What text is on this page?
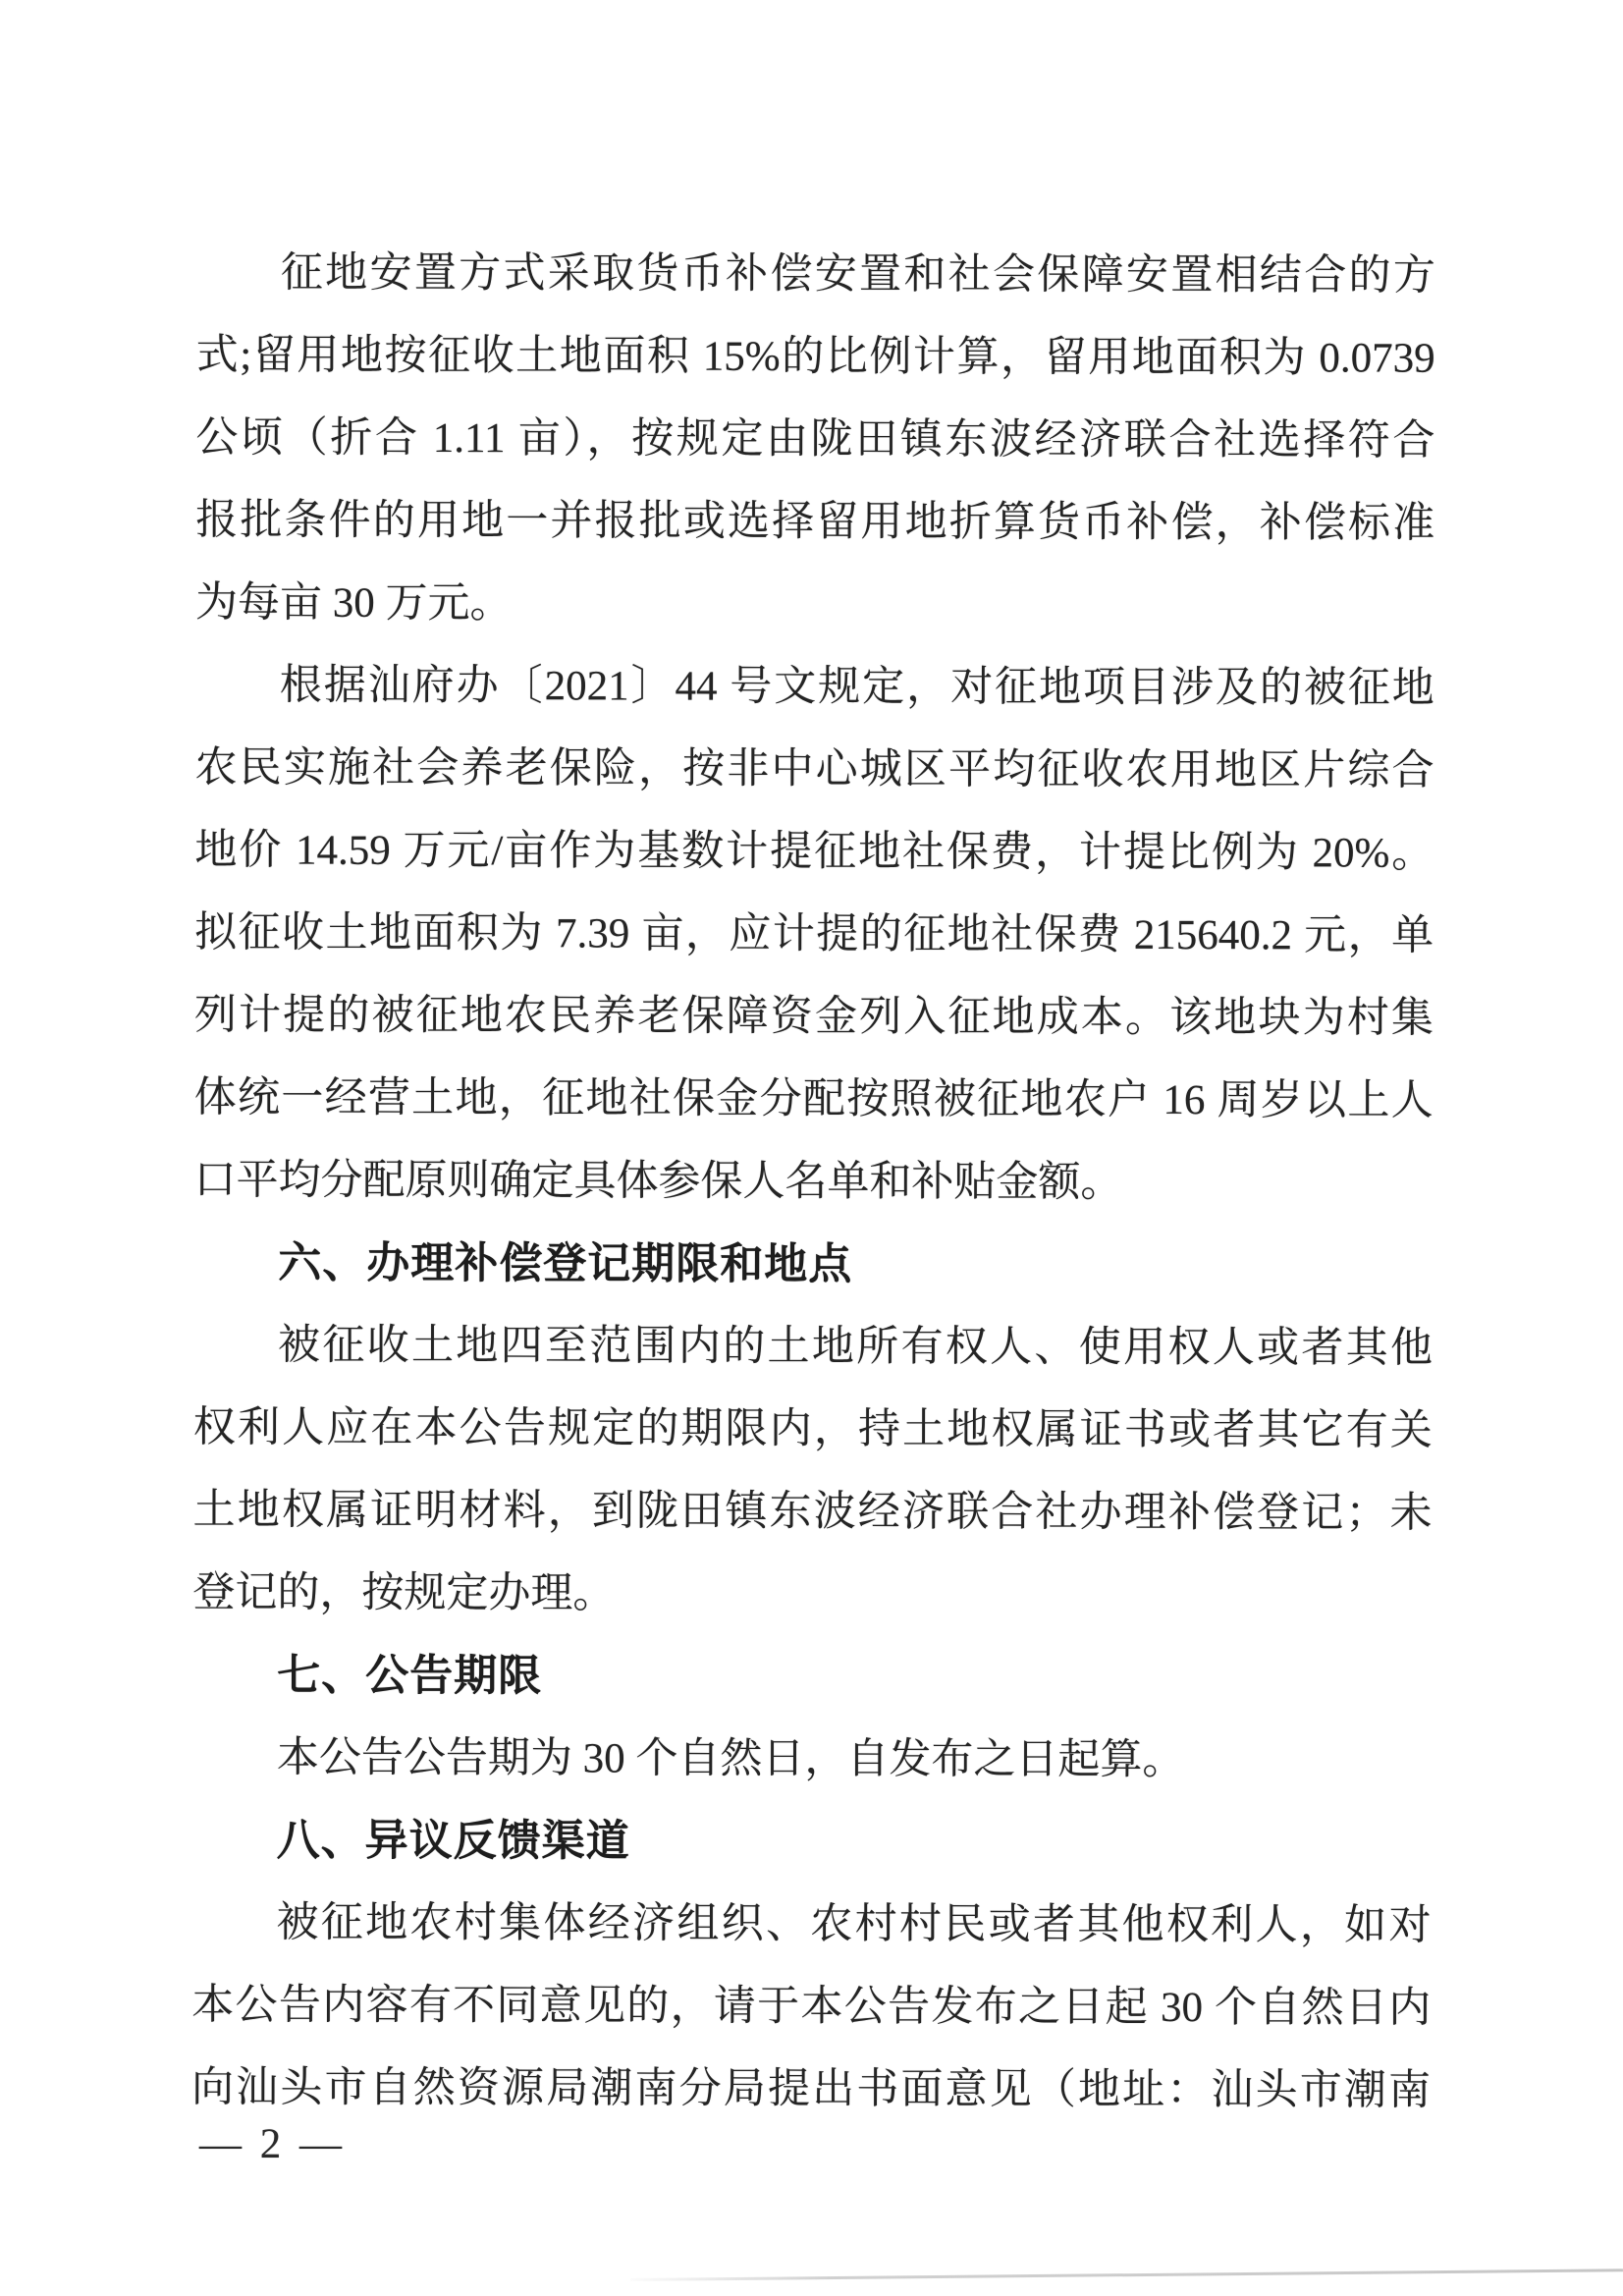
征地安置方式采取货币补偿安置和社会保障安置相结合的方
式;留用地按征收土地面积 15%的比例计算，留用地面积为 0.0739
公顷（折合 1.11 亩），按规定由陇田镇东波经济联合社选择符合
报批条件的用地一并报批或选择留用地折算货币补偿，补偿标准
为每亩 30 万元。
根据汕府办〔2021〕44 号文规定，对征地项目涉及的被征地
农民实施社会养老保险，按非中心城区平均征收农用地区片综合
地价 14.59 万元/亩作为基数计提征地社保费，计提比例为 20%。
拟征收土地面积为 7.39 亩，应计提的征地社保费 215640.2 元，单
列计提的被征地农民养老保障资金列入征地成本。该地块为村集
体统一经营土地，征地社保金分配按照被征地农户 16 周岁以上人
口平均分配原则确定具体参保人名单和补贴金额。
六、办理补偿登记期限和地点
被征收土地四至范围内的土地所有权人、使用权人或者其他
权利人应在本公告规定的期限内，持土地权属证书或者其它有关
土地权属证明材料，到陇田镇东波经济联合社办理补偿登记；未
登记的，按规定办理。
七、公告期限
本公告公告期为 30 个自然日，自发布之日起算。
八、异议反馈渠道
被征地农村集体经济组织、农村村民或者其他权利人，如对
本公告内容有不同意见的，请于本公告发布之日起 30 个自然日内
向汕头市自然资源局潮南分局提出书面意见（地址：汕头市潮南
— 2 —
